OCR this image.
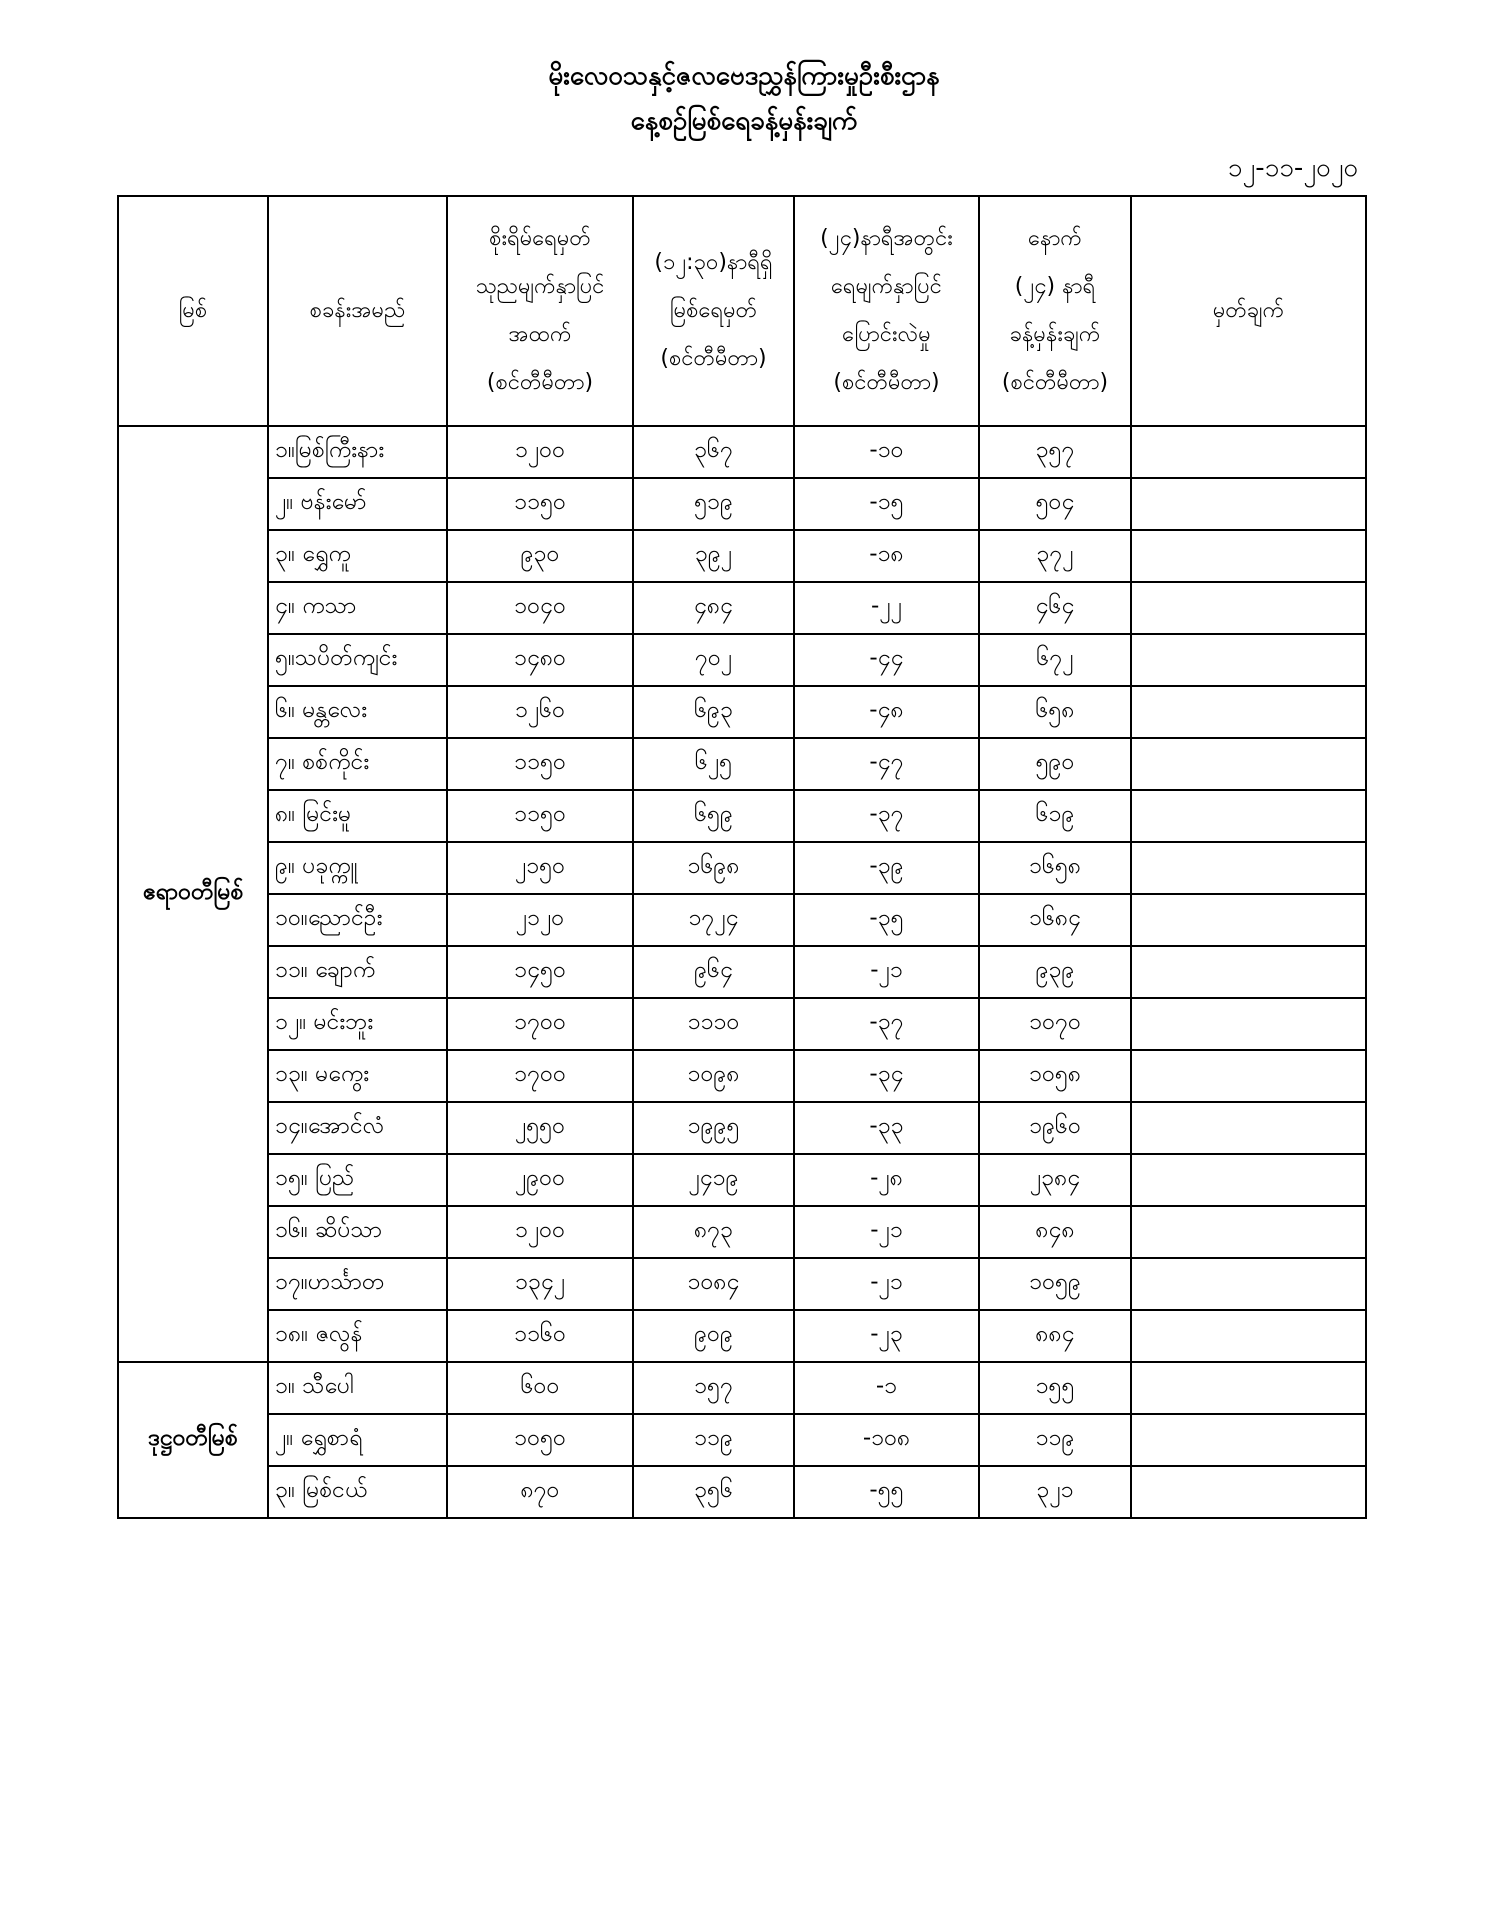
မိုးလေဝသနှင့်ဇလဗေဒညွှန်ကြားမှုဦးစီးဌာန
နေ့စဉ်မြစ်ရေခန့်မှန်းချက်
၁၂-၁၁-၂၀၂၀
မြစ်	စခန်းအမည်	စိုးရိမ်ရေမှတ်
သုညမျက်နှာပြင်
အထက်
(စင်တီမီတာ)	(၁၂:၃၀)နာရီရှိ
မြစ်ရေမှတ်
(စင်တီမီတာ)	(၂၄)နာရီအတွင်း
ရေမျက်နှာပြင်
ပြောင်းလဲမှု
(စင်တီမီတာ)	နောက်
(၂၄) နာရီ
ခန့်မှန်းချက်
(စင်တီမီတာ)	မှတ်ချက်

ဧရာဝတီမြစ်	၁။မြစ်ကြီးနား	၁၂၀၀	၃၆၇	-၁၀	၃၅၇	
	၂။ ဗန်းမော်	၁၁၅၀	၅၁၉	-၁၅	၅၀၄	
	၃။ ရွှေကူ	၉၃၀	၃၉၂	-၁၈	၃၇၂	
	၄။ ကသာ	၁၀၄၀	၄၈၄	-၂၂	၄၆၄	
	၅။သပိတ်ကျင်း	၁၄၈၀	၇၀၂	-၄၄	၆၇၂	
	၆။ မန္တလေး	၁၂၆၀	၆၉၃	-၄၈	၆၅၈	
	၇။ စစ်ကိုင်း	၁၁၅၀	၆၂၅	-၄၇	၅၉၀	
	၈။ မြင်းမူ	၁၁၅၀	၆၅၉	-၃၇	၆၁၉	
	၉။ ပခုက္ကူ	၂၁၅၀	၁၆၉၈	-၃၉	၁၆၅၈	
	၁၀။ညောင်ဦး	၂၁၂၀	၁၇၂၄	-၃၅	၁၆၈၄	
	၁၁။ ချောက်	၁၄၅၀	၉၆၄	-၂၁	၉၃၉	
	၁၂။ မင်းဘူး	၁၇၀၀	၁၁၁၀	-၃၇	၁၀၇၀	
	၁၃။ မကွေး	၁၇၀၀	၁၀၉၈	-၃၄	၁၀၅၈	
	၁၄။အောင်လံ	၂၅၅၀	၁၉၉၅	-၃၃	၁၉၆၀	
	၁၅။ ပြည်	၂၉၀၀	၂၄၁၉	-၂၈	၂၃၈၄	
	၁၆။ ဆိပ်သာ	၁၂၀၀	၈၇၃	-၂၁	၈၄၈	
	၁၇။ဟင်္သာတ	၁၃၄၂	၁၀၈၄	-၂၁	၁၀၅၉	
	၁၈။ ဇလွန်	၁၁၆၀	၉၀၉	-၂၃	၈၈၄	
ဒုဋ္ဌဝတီမြစ်	၁။ သီပေါ	၆၀၀	၁၅၇	-၁	၁၅၅	
	၂။ ရွှေစာရံ	၁၀၅၀	၁၁၉	-၁၀၈	၁၁၉	
	၃။ မြစ်ငယ်	၈၇၀	၃၅၆	-၅၅	၃၂၁	
